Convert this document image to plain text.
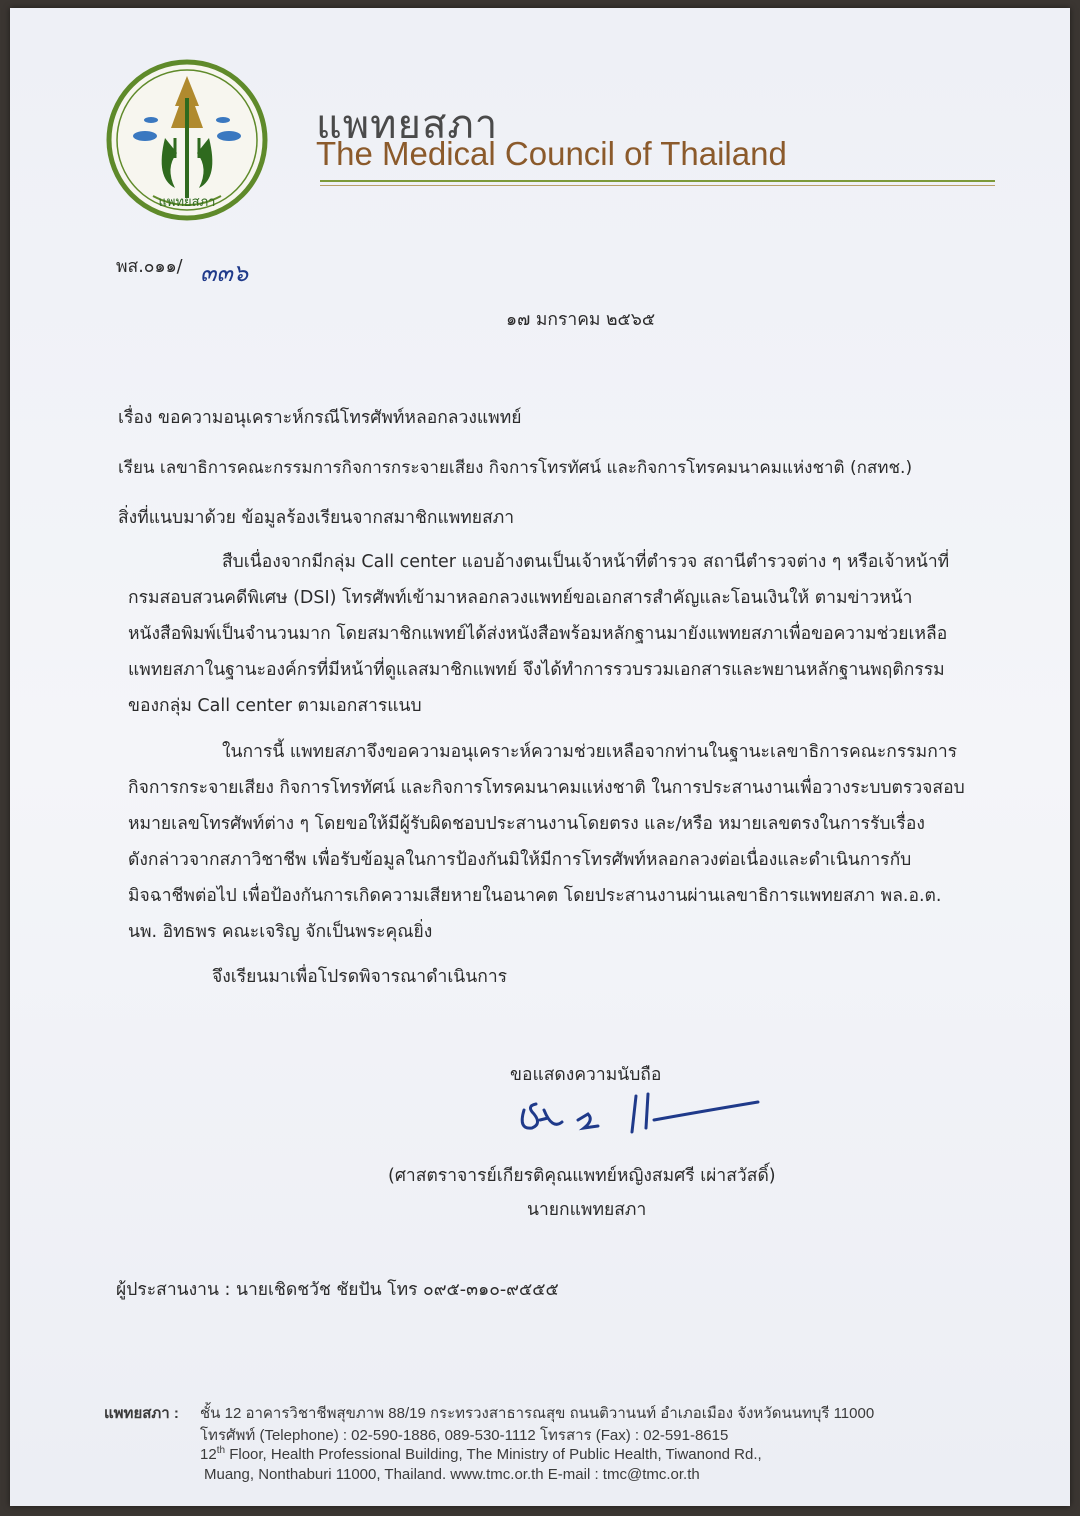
แพทยสภา
แพทยสภา
The Medical Council of Thailand
พส.๐๑๑/ ๓๓๖
๑๗ มกราคม ๒๕๖๕
เรื่อง ขอความอนุเคราะห์กรณีโทรศัพท์หลอกลวงแพทย์
เรียน เลขาธิการคณะกรรมการกิจการกระจายเสียง กิจการโทรทัศน์ และกิจการโทรคมนาคมแห่งชาติ (กสทช.)
สิ่งที่แนบมาด้วย ข้อมูลร้องเรียนจากสมาชิกแพทยสภา
สืบเนื่องจากมีกลุ่ม Call center แอบอ้างตนเป็นเจ้าหน้าที่ตำรวจ สถานีตำรวจต่าง ๆ หรือเจ้าหน้าที่
กรมสอบสวนคดีพิเศษ (DSI) โทรศัพท์เข้ามาหลอกลวงแพทย์ขอเอกสารสำคัญและโอนเงินให้ ตามข่าวหน้า
หนังสือพิมพ์เป็นจำนวนมาก โดยสมาชิกแพทย์ได้ส่งหนังสือพร้อมหลักฐานมายังแพทยสภาเพื่อขอความช่วยเหลือ
แพทยสภาในฐานะองค์กรที่มีหน้าที่ดูแลสมาชิกแพทย์ จึงได้ทำการรวบรวมเอกสารและพยานหลักฐานพฤติกรรม
ของกลุ่ม Call center ตามเอกสารแนบ
ในการนี้ แพทยสภาจึงขอความอนุเคราะห์ความช่วยเหลือจากท่านในฐานะเลขาธิการคณะกรรมการ
กิจการกระจายเสียง กิจการโทรทัศน์ และกิจการโทรคมนาคมแห่งชาติ ในการประสานงานเพื่อวางระบบตรวจสอบ
หมายเลขโทรศัพท์ต่าง ๆ โดยขอให้มีผู้รับผิดชอบประสานงานโดยตรง และ/หรือ หมายเลขตรงในการรับเรื่อง
ดังกล่าวจากสภาวิชาชีพ เพื่อรับข้อมูลในการป้องกันมิให้มีการโทรศัพท์หลอกลวงต่อเนื่องและดำเนินการกับ
มิจฉาชีพต่อไป เพื่อป้องกันการเกิดความเสียหายในอนาคต โดยประสานงานผ่านเลขาธิการแพทยสภา พล.อ.ต.
นพ. อิทธพร คณะเจริญ จักเป็นพระคุณยิ่ง
จึงเรียนมาเพื่อโปรดพิจารณาดำเนินการ
ขอแสดงความนับถือ
(ศาสตราจารย์เกียรติคุณแพทย์หญิงสมศรี เผ่าสวัสดิ์)
นายกแพทยสภา
ผู้ประสานงาน : นายเชิดชวัช ชัยปัน โทร ๐๙๕-๓๑๐-๙๕๕๕
แพทยสภา : ชั้น 12 อาคารวิชาชีพสุขภาพ 88/19 กระทรวงสาธารณสุข ถนนติวานนท์ อำเภอเมือง จังหวัดนนทบุรี 11000
โทรศัพท์ (Telephone) : 02-590-1886, 089-530-1112 โทรสาร (Fax) : 02-591-8615
12th Floor, Health Professional Building, The Ministry of Public Health, Tiwanond Rd.,
Muang, Nonthaburi 11000, Thailand. www.tmc.or.th E-mail : tmc@tmc.or.th
